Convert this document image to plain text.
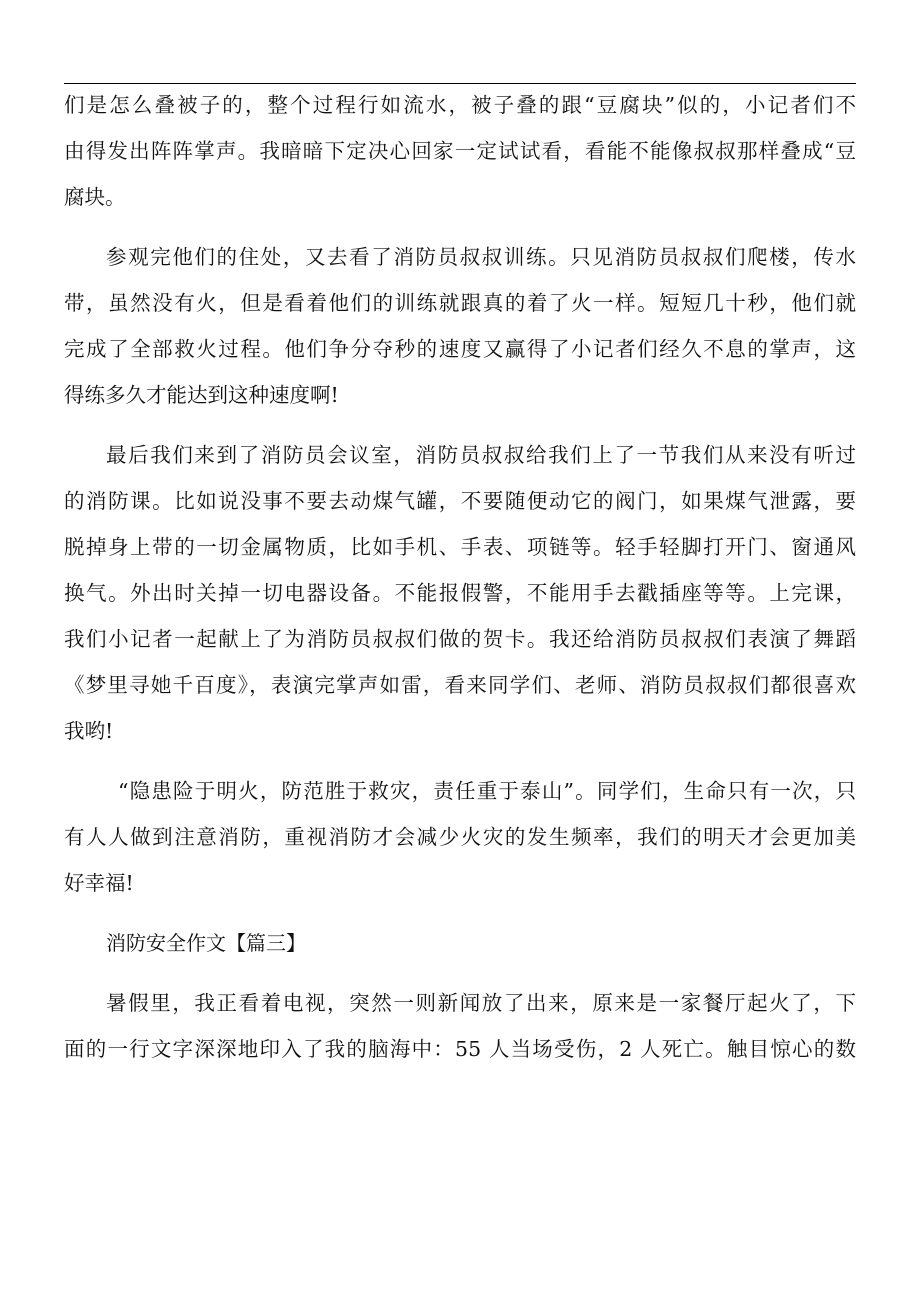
们是怎么叠被子的，整个过程行如流水，被子叠的跟“豆腐块”似的，小记者们不
由得发出阵阵掌声。我暗暗下定决心回家一定试试看，看能不能像叔叔那样叠成“豆
腐块。
参观完他们的住处，又去看了消防员叔叔训练。只见消防员叔叔们爬楼，传水
带，虽然没有火，但是看着他们的训练就跟真的着了火一样。短短几十秒，他们就
完成了全部救火过程。他们争分夺秒的速度又赢得了小记者们经久不息的掌声，这
得练多久才能达到这种速度啊!
最后我们来到了消防员会议室，消防员叔叔给我们上了一节我们从来没有听过
的消防课。比如说没事不要去动煤气罐，不要随便动它的阀门，如果煤气泄露，要
脱掉身上带的一切金属物质，比如手机、手表、项链等。轻手轻脚打开门、窗通风
换气。外出时关掉一切电器设备。不能报假警，不能用手去戳插座等等。上完课，
我们小记者一起献上了为消防员叔叔们做的贺卡。我还给消防员叔叔们表演了舞蹈
《梦里寻她千百度》，表演完掌声如雷，看来同学们、老师、消防员叔叔们都很喜欢
我哟!
“隐患险于明火，防范胜于救灾，责任重于泰山”。同学们，生命只有一次，只
有人人做到注意消防，重视消防才会减少火灾的发生频率，我们的明天才会更加美
好幸福!
消防安全作文【篇三】
暑假里，我正看着电视，突然一则新闻放了出来，原来是一家餐厅起火了，下
面的一行文字深深地印入了我的脑海中：55 人当场受伤，2 人死亡。触目惊心的数
